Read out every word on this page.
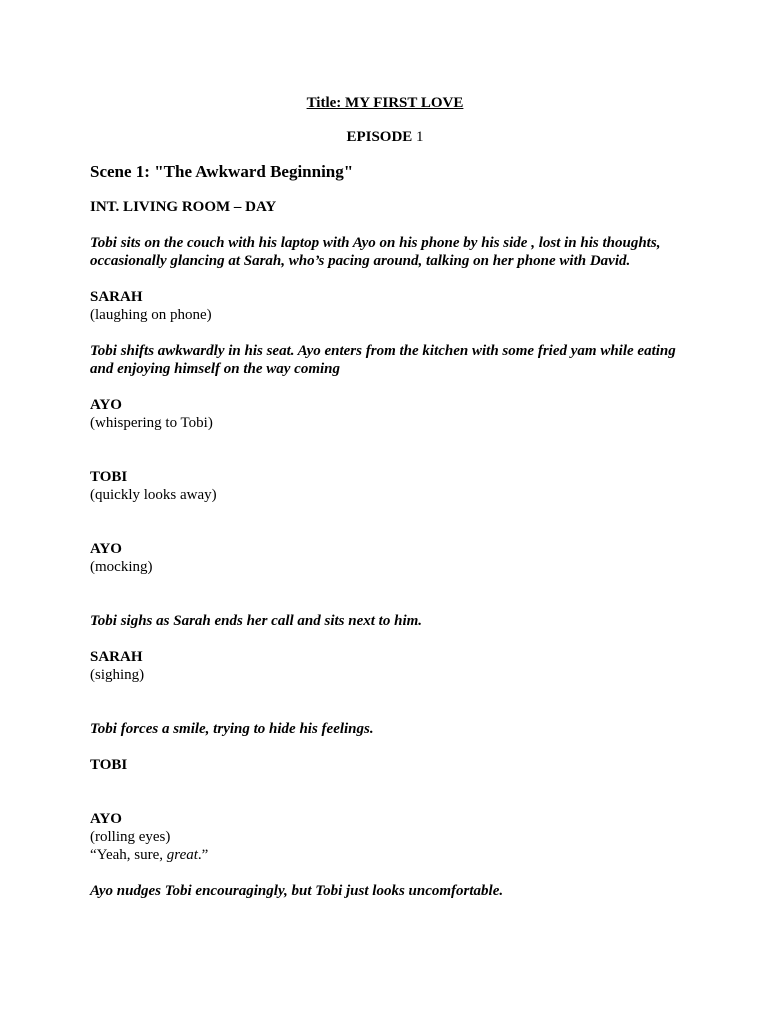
Title: MY FIRST LOVE

EPISODE 1

Scene 1: "The Awkward Beginning"

INT. LIVING ROOM – DAY

Tobi sits on the couch with his laptop with Ayo on his phone by his side , lost in his thoughts, occasionally glancing at Sarah, who’s pacing around, talking on her phone with David.

SARAH

(laughing on phone)

Tobi shifts awkwardly in his seat. Ayo enters from the kitchen with some fried yam while eating and enjoying himself on the way coming

AYO

(whispering to Tobi)

TOBI

(quickly looks away)

AYO

(mocking)

Tobi sighs as Sarah ends her call and sits next to him.

SARAH

(sighing)

Tobi forces a smile, trying to hide his feelings.

TOBI

AYO

(rolling eyes)

“Yeah, sure, great.”

Ayo nudges Tobi encouragingly, but Tobi just looks uncomfortable.
